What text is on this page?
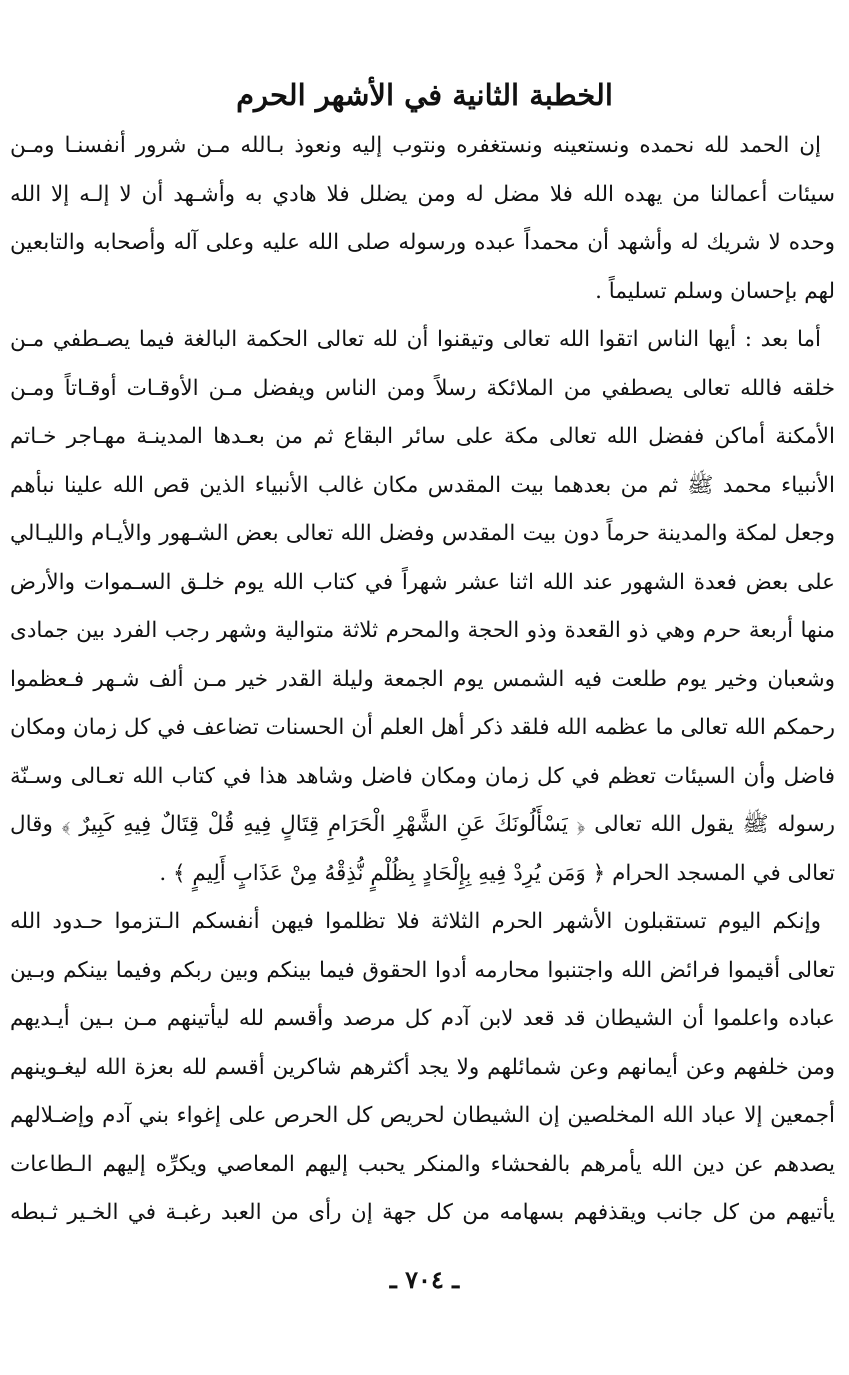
الخطبة الثانية في الأشهر الحرم
إن الحمد لله نحمده ونستعينه ونستغفره ونتوب إليه ونعوذ بـالله مـن شرور أنفسنـا ومـن
سيئات أعمالنا من يهده الله فلا مضل له ومن يضلل فلا هادي به وأشـهد أن لا إلـه إلا الله
وحده لا شريك له وأشهد أن محمداً عبده ورسوله صلى الله عليه وعلى آله وأصحابه والتابعين
لهم بإحسان وسلم تسليماً .
أما بعد : أيها الناس اتقوا الله تعالى وتيقنوا أن لله تعالى الحكمة البالغة فيما يصـطفي مـن
خلقه فالله تعالى يصطفي من الملائكة رسلاً ومن الناس ويفضل مـن الأوقـات أوقـاتاً ومـن
الأمكنة أماكن ففضل الله تعالى مكة على سائر البقاع ثم من بعـدها المدينـة مهـاجر خـاتم
الأنبياء محمد ﷺ ثم من بعدهما بيت المقدس مكان غالب الأنبياء الذين قص الله علينا نبأهم
وجعل لمكة والمدينة حرماً دون بيت المقدس وفضل الله تعالى بعض الشـهور والأيـام والليـالي
على بعض فعدة الشهور عند الله اثنا عشر شهراً في كتاب الله يوم خلـق السـموات والأرض
منها أربعة حرم وهي ذو القعدة وذو الحجة والمحرم ثلاثة متوالية وشهر رجب الفرد بين جمادى
وشعبان وخير يوم طلعت فيه الشمس يوم الجمعة وليلة القدر خير مـن ألف شـهر فـعظموا
رحمكم الله تعالى ما عظمه الله فلقد ذكر أهل العلم أن الحسنات تضاعف في كل زمان ومكان
فاضل وأن السيئات تعظم في كل زمان ومكان فاضل وشاهد هذا في كتاب الله تعـالى وسـنّة
رسوله ﷺ يقول الله تعالى ﴿ يَسْأَلُونَكَ عَنِ الشَّهْرِ الْحَرَامِ قِتَالٍ فِيهِ قُلْ قِتَالٌ فِيهِ كَبِيرٌ ﴾ وقال
تعالى في المسجد الحرام ﴿ وَمَن يُرِدْ فِيهِ بِإِلْحَادٍ بِظُلْمٍ نُّذِقْهُ مِنْ عَذَابٍ أَلِيمٍ ﴾ .
وإنكم اليوم تستقبلون الأشهر الحرم الثلاثة فلا تظلموا فيهن أنفسكم الـتزموا حـدود الله
تعالى أقيموا فرائض الله واجتنبوا محارمه أدوا الحقوق فيما بينكم وبين ربكم وفيما بينكم وبـين
عباده واعلموا أن الشيطان قد قعد لابن آدم كل مرصد وأقسم لله ليأتينهم مـن بـين أيـديهم
ومن خلفهم وعن أيمانهم وعن شمائلهم ولا يجد أكثرهم شاكرين أقسم لله بعزة الله ليغـوينهم
أجمعين إلا عباد الله المخلصين إن الشيطان لحريص كل الحرص على إغواء بني آدم وإضـلالهم
يصدهم عن دين الله يأمرهم بالفحشاء والمنكر يحبب إليهم المعاصي ويكرِّه إليهم الـطاعات
يأتيهم من كل جانب ويقذفهم بسهامه من كل جهة إن رأى من العبد رغبـة في الخـير ثـبطه
ـ ٧٠٤ ـ
